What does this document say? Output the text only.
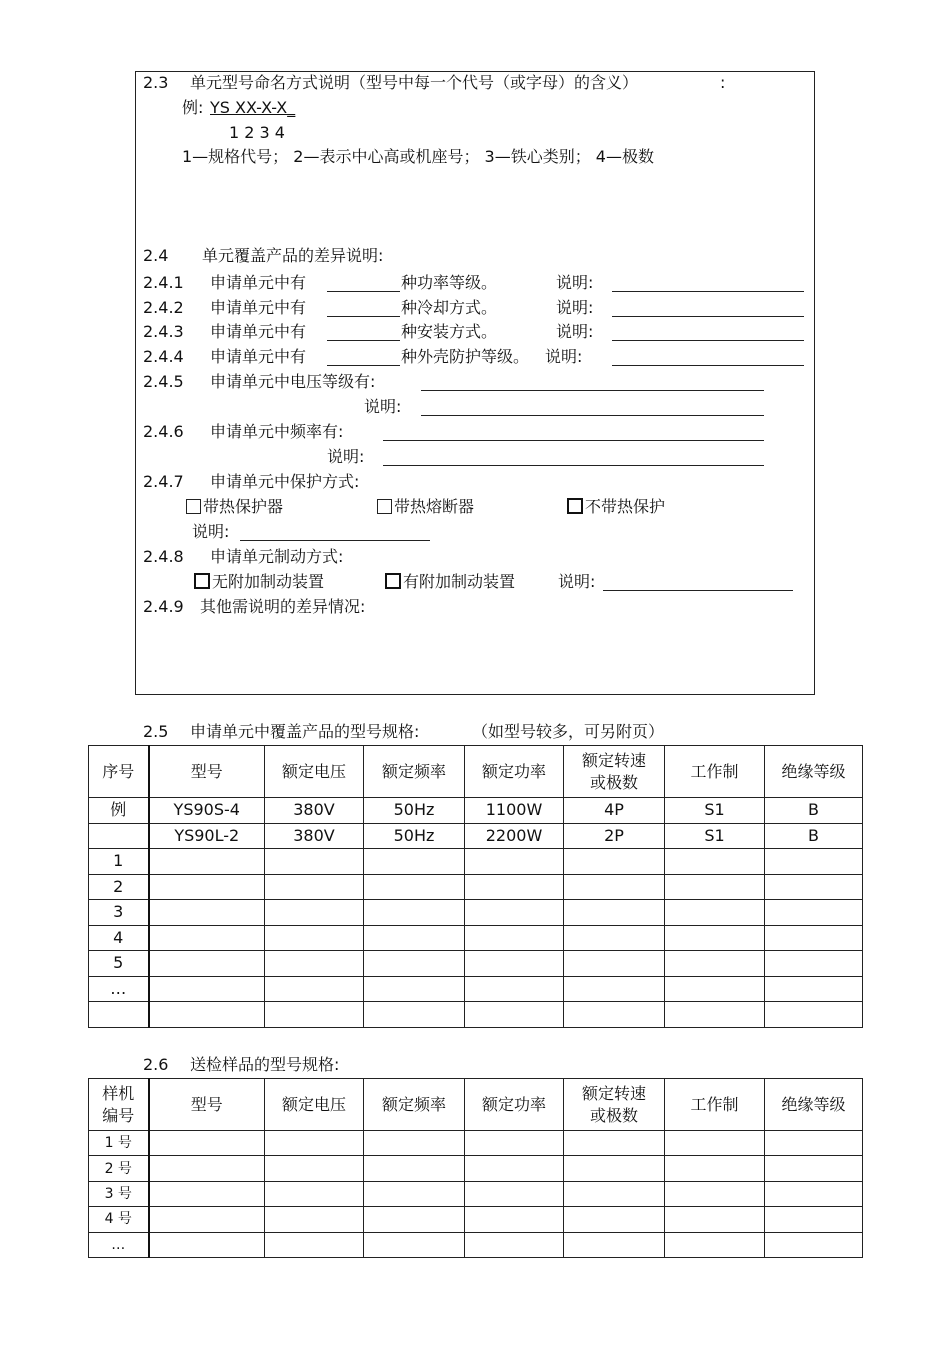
2.3 单元型号命名方式说明（型号中每一个代号（或字母）的含义）	:
例: YS XX-X-X_
1 2 3 4
1—规格代号； 2—表示中心高或机座号； 3—铁心类别； 4—极数
2.4 单元覆盖产品的差异说明:
2.4.1 申请单元中有	种功率等级。	说明:
2.4.2 申请单元中有	种冷却方式。	说明:
2.4.3 申请单元中有	种安装方式。	说明:
2.4.4 申请单元中有	种外壳防护等级。 说明:
2.4.5 申请单元中电压等级有:
说明:
2.4.6 申请单元中频率有:
说明:
2.4.7 申请单元中保护方式:
带热保护器	带热熔断器	不带热保护
说明:
2.4.8 申请单元制动方式:
无附加制动装置	有附加制动装置	说明:
2.4.9 其他需说明的差异情况:
2.5 申请单元中覆盖产品的型号规格:	（如型号较多，可另附页）
序号	型号	额定电压	额定频率	额定功率	额定转速
或极数	工作制	绝缘等级
例	YS90S-4	380V	50Hz	1100W	4P	S1	B
	YS90L-2	380V	50Hz	2200W	2P	S1	B
1							
2							
3							
4							
5							
…							

2.6 送检样品的型号规格:
样机
编号	型号	额定电压	额定频率	额定功率	额定转速
或极数	工作制	绝缘等级
1 号							
2 号							
3 号							
4 号							
…							
